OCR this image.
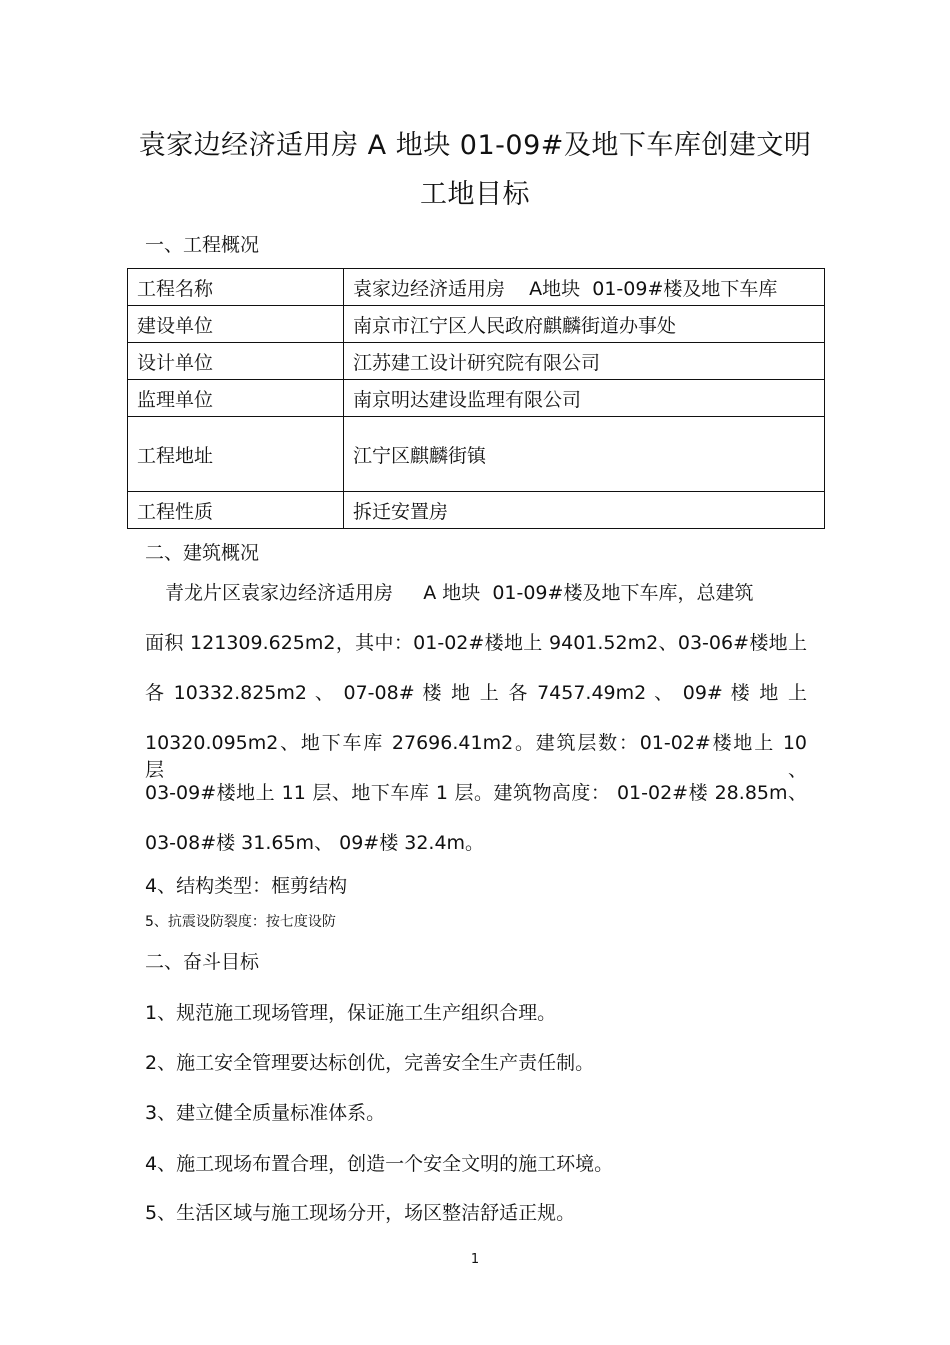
袁家边经济适用房 A 地块 01-09#及地下车库创建文明
工地目标
一、工程概况
工程名称	袁家边经济适用房    A地块  01-09#楼及地下车库
建设单位	南京市江宁区人民政府麒麟街道办事处
设计单位	江苏建工设计研究院有限公司
监理单位	南京明达建设监理有限公司
工程地址	江宁区麒麟街镇
工程性质	拆迁安置房
二、建筑概况
青龙片区袁家边经济适用房     A 地块  01-09#楼及地下车库，总建筑
面积 121309.625m2，其中：01-02#楼地上 9401.52m2、03-06#楼地上
各 10332.825m2 、 07-08# 楼 地 上 各 7457.49m2 、 09# 楼 地 上
10320.095m2、地下车库 27696.41m2。建筑层数：01-02#楼地上 10 层、
03-09#楼地上 11 层、地下车库 1 层。建筑物高度： 01-02#楼 28.85m、
03-08#楼 31.65m、 09#楼 32.4m。
4、结构类型：框剪结构
5、抗震设防裂度：按七度设防
二、奋斗目标
1、规范施工现场管理，保证施工生产组织合理。
2、施工安全管理要达标创优，完善安全生产责任制。
3、建立健全质量标准体系。
4、施工现场布置合理，创造一个安全文明的施工环境。
5、生活区域与施工现场分开，场区整洁舒适正规。
1
